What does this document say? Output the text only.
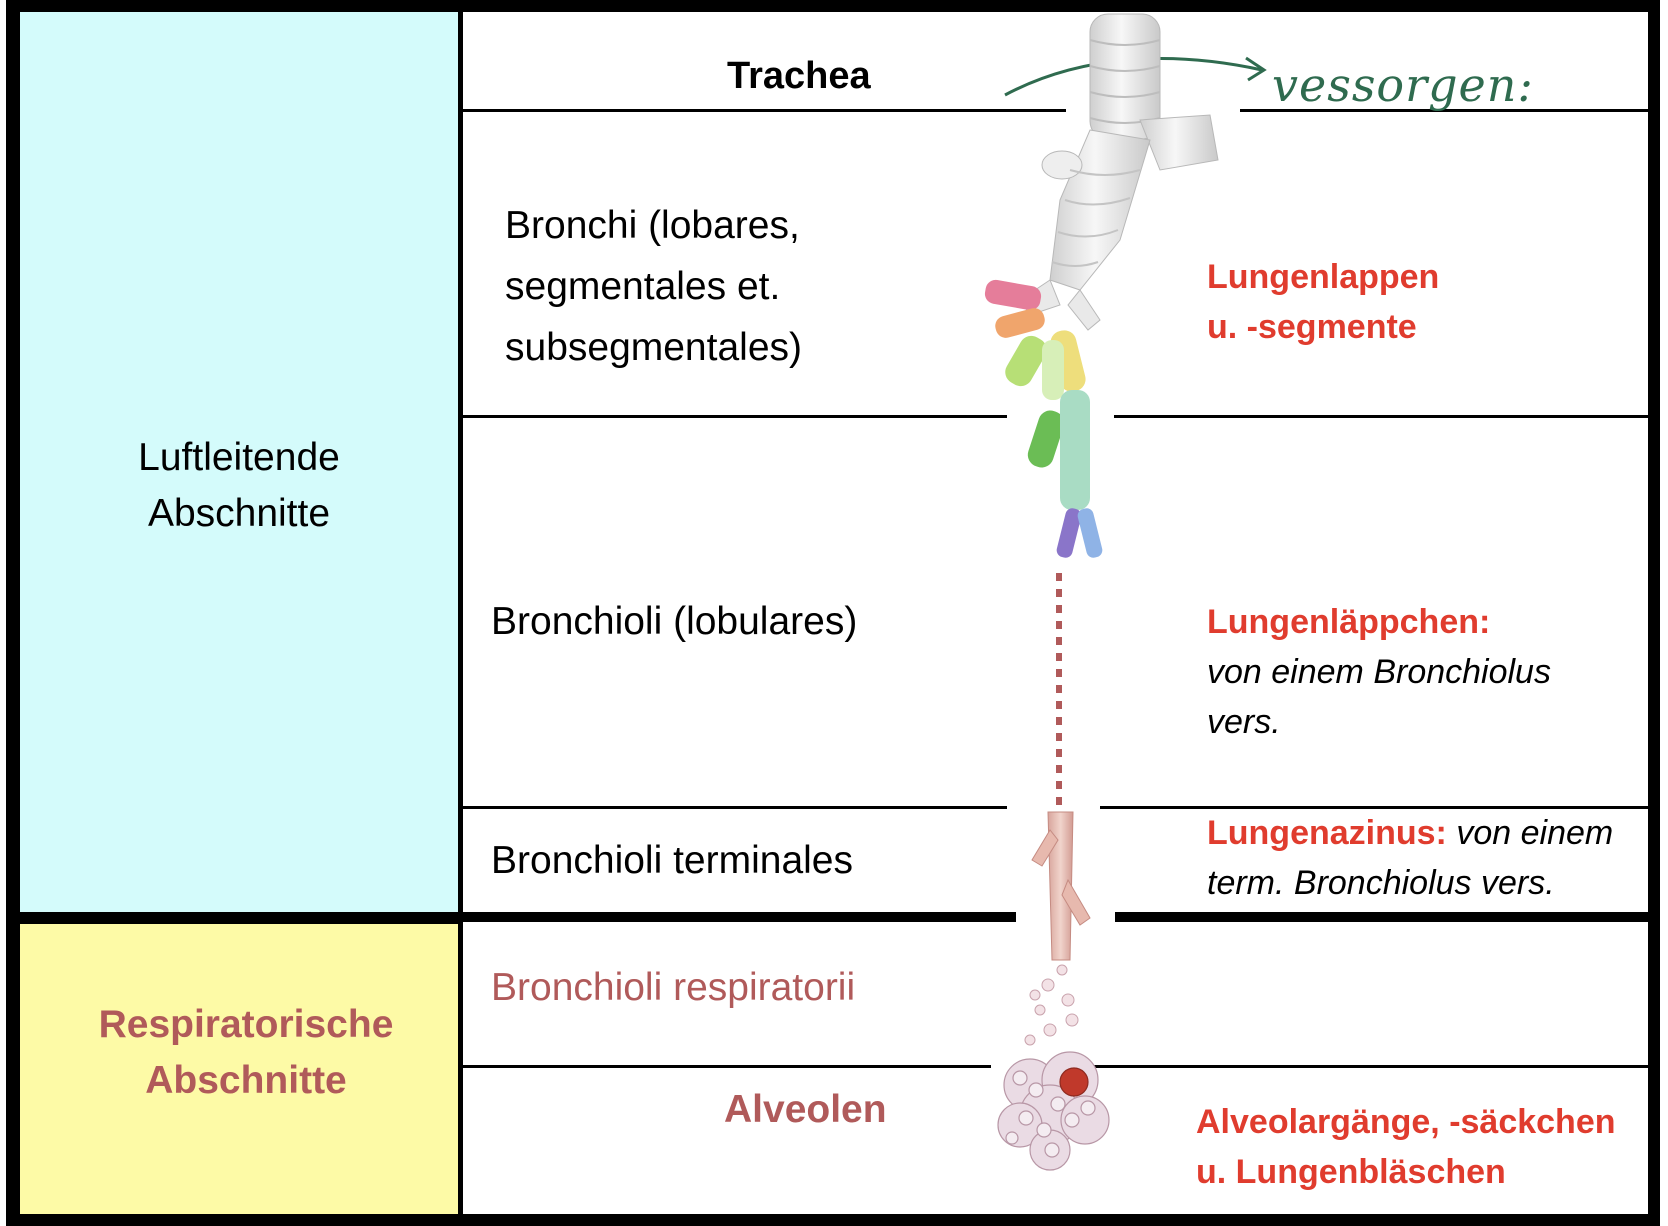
Luftleitende
Abschnitte
Respiratorische
Abschnitte
Trachea
Bronchi (lobares,
segmentales et.
subsegmentales)
Bronchioli (lobulares)
Bronchioli terminales
Bronchioli respiratorii
Alveolen
vessorgen:
Lungenlappen
u. -segmente
Lungenläppchen:
von einem Bronchiolus
vers.
Lungenazinus: von einem
term. Bronchiolus vers.
Alveolargänge, -säckchen
u. Lungenbläschen
